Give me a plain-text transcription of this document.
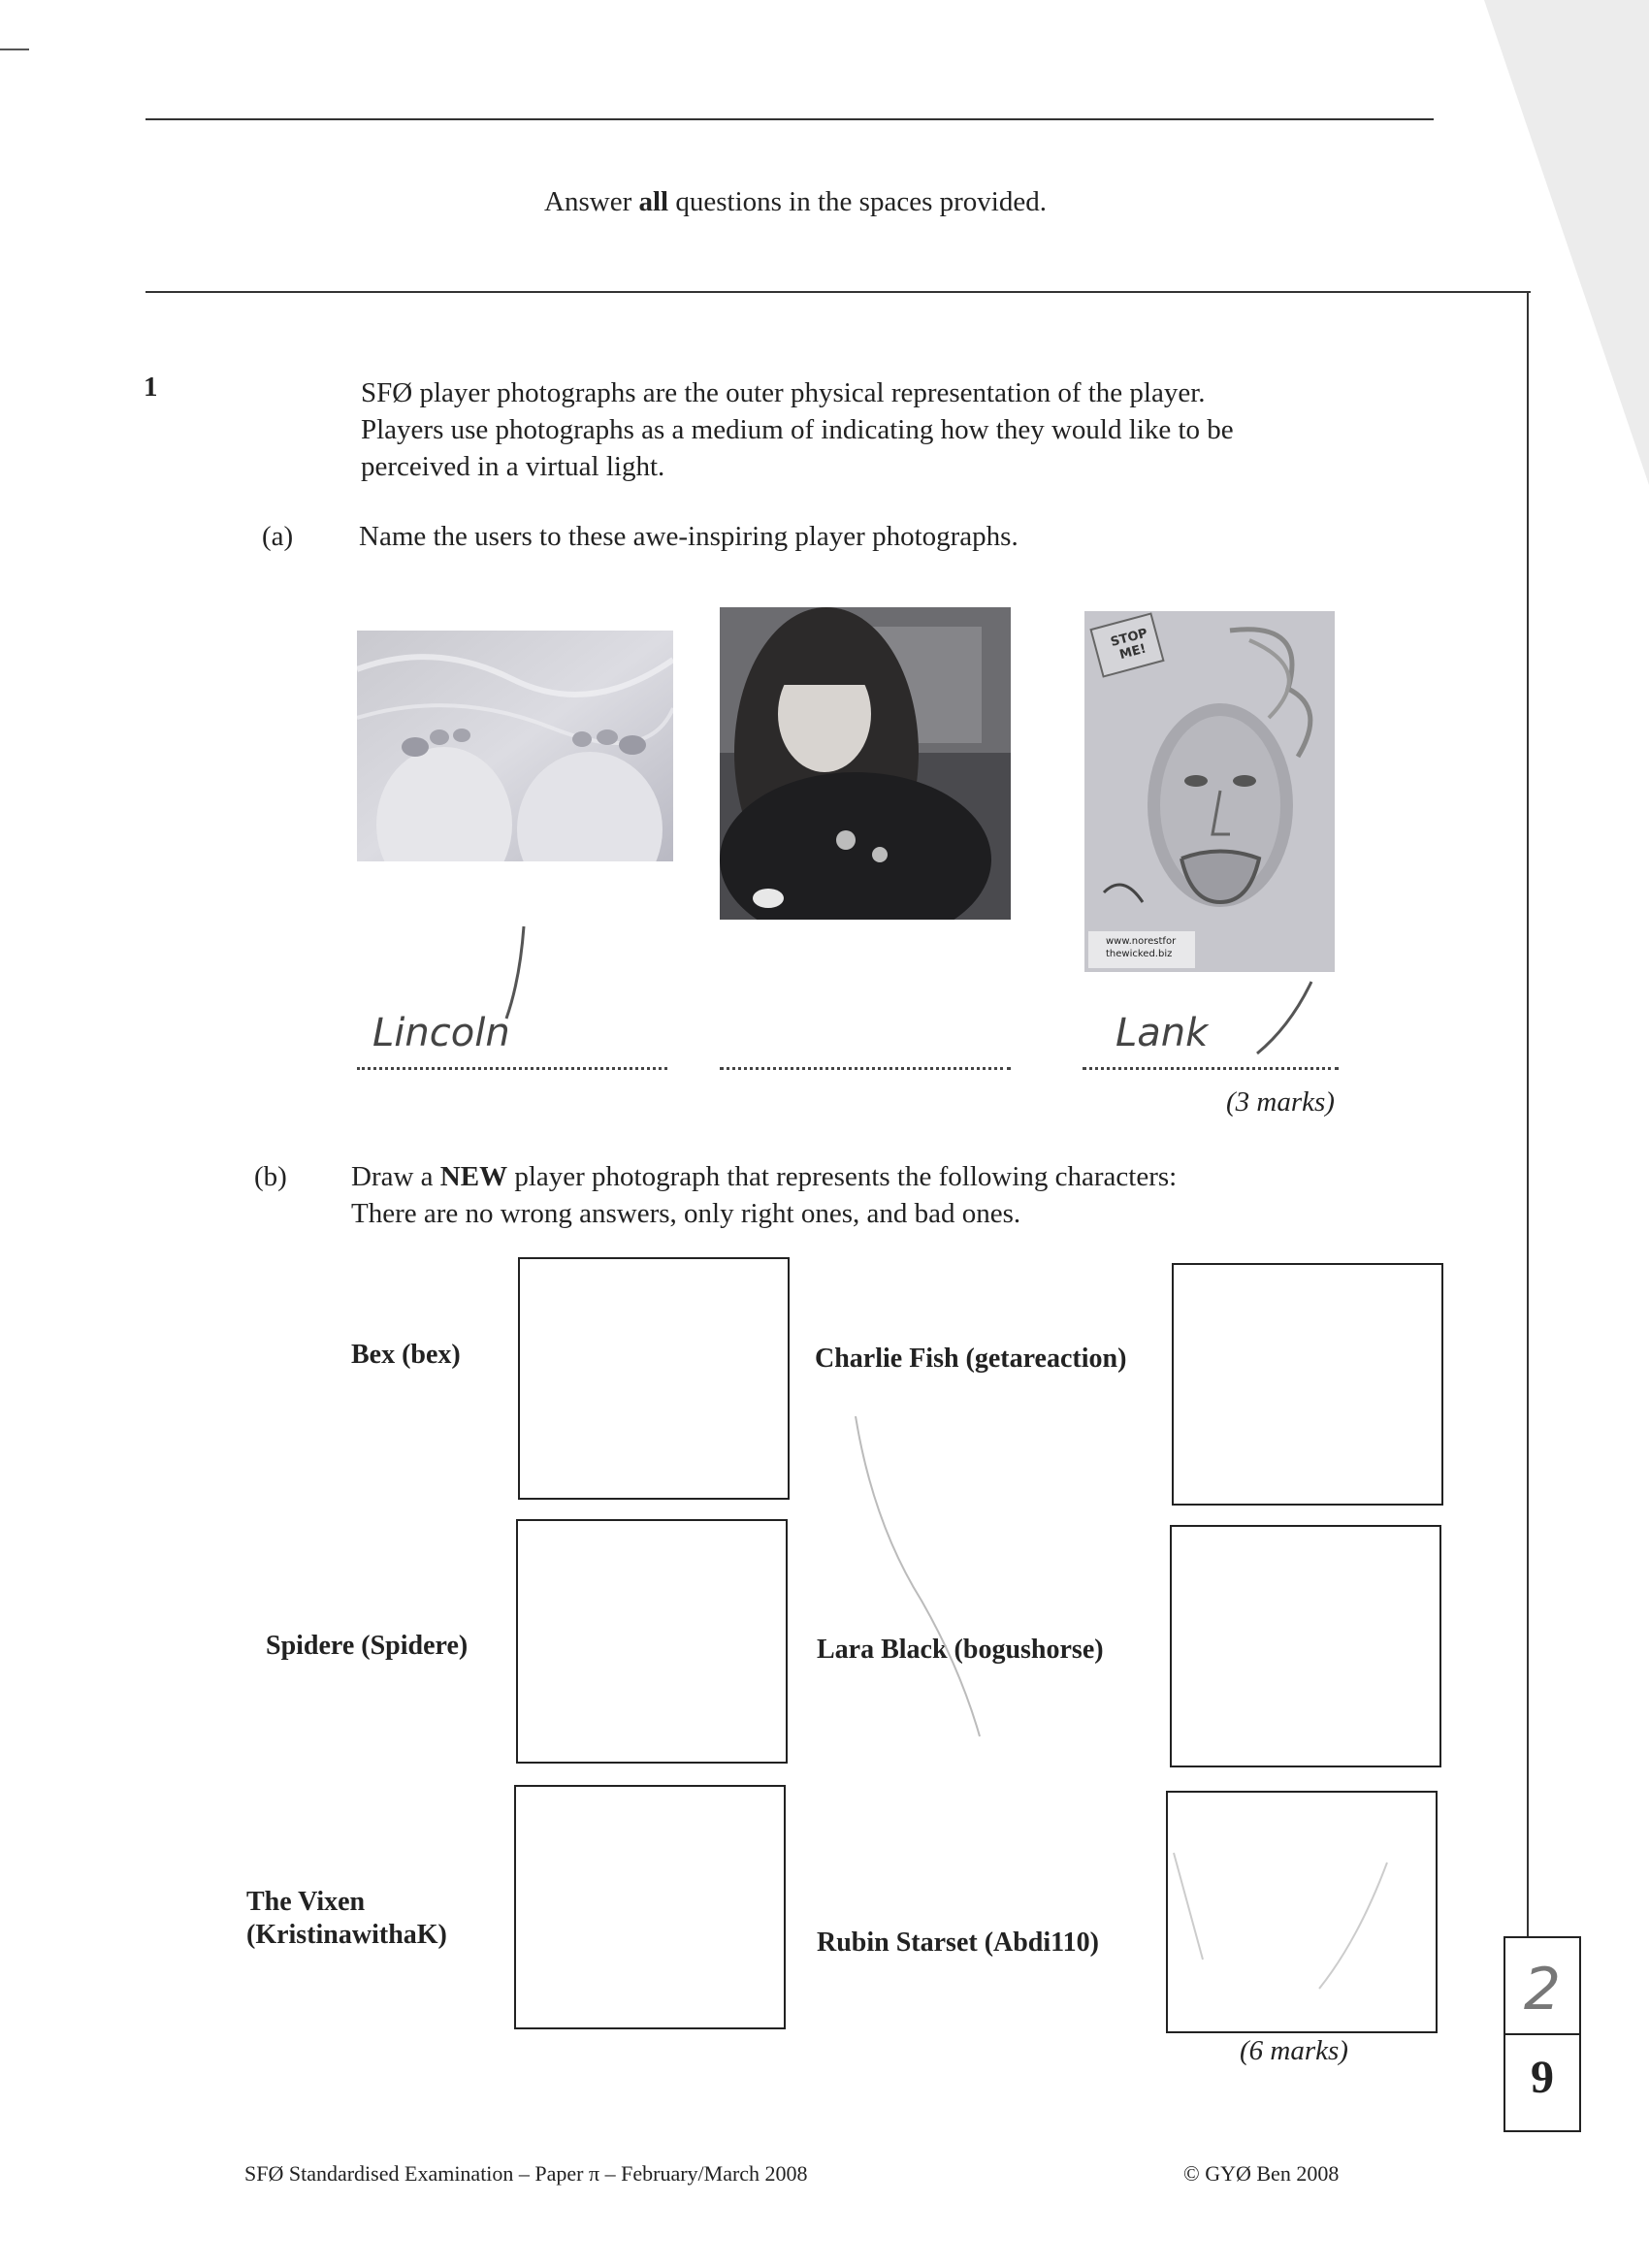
Answer all questions in the spaces provided.
1	SFØ player photographs are the outer physical representation of the player.
Players use photographs as a medium of indicating how they would like to be
perceived in a virtual light.
(a) Name the users to these awe-inspiring player photographs.
STOP ME!
www.norestfor
thewicked.biz
Lincoln	Lank
(3 marks)
(b) Draw a NEW player photograph that represents the following characters:
There are no wrong answers, only right ones, and bad ones.
Bex (bex)	Charlie Fish (getareaction)
Spidere (Spidere)	Lara Black (bogushorse)
The Vixen
(KristinawithaK)	Rubin Starset (Abdi110)
(6 marks)
2
9
SFØ Standardised Examination – Paper π – February/March 2008	© GYØ Ben 2008
